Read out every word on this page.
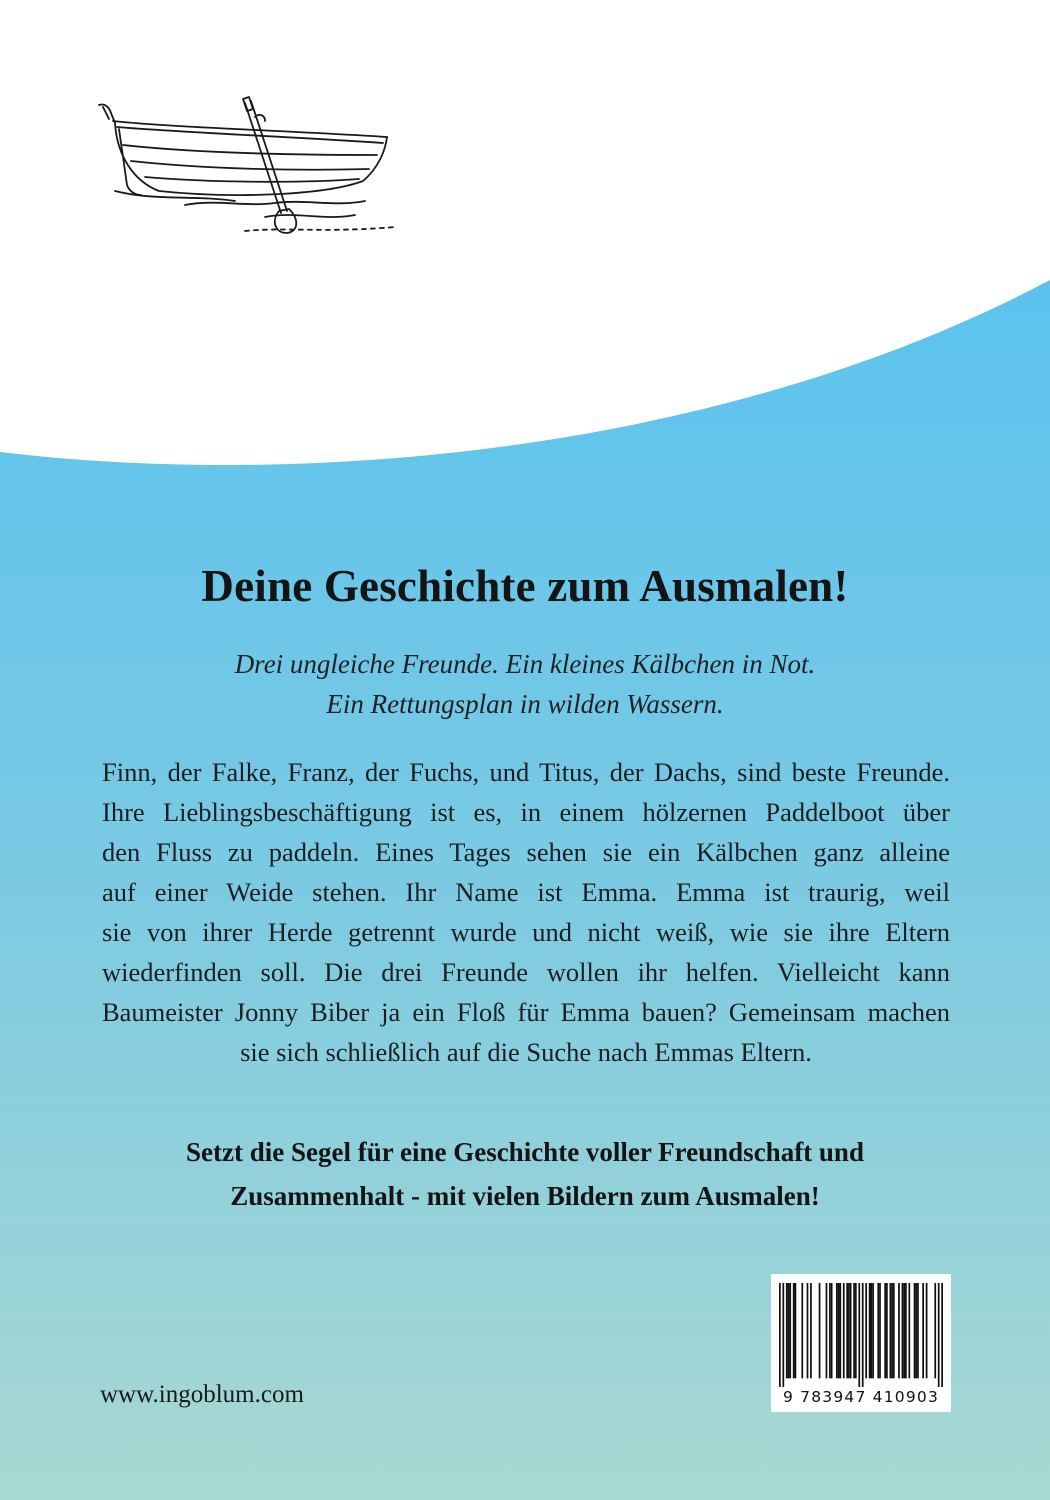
Deine Geschichte zum Ausmalen!
Drei ungleiche Freunde. Ein kleines Kälbchen in Not.
Ein Rettungsplan in wilden Wassern.
Finn, der Falke, Franz, der Fuchs, und Titus, der Dachs, sind beste Freunde.
Ihre Lieblingsbeschäftigung ist es, in einem hölzernen Paddelboot über
den Fluss zu paddeln. Eines Tages sehen sie ein Kälbchen ganz alleine
auf einer Weide stehen. Ihr Name ist Emma. Emma ist traurig, weil
sie von ihrer Herde getrennt wurde und nicht weiß, wie sie ihre Eltern
wiederfinden soll. Die drei Freunde wollen ihr helfen. Vielleicht kann
Baumeister Jonny Biber ja ein Floß für Emma bauen? Gemeinsam machen
sie sich schließlich auf die Suche nach Emmas Eltern.
Setzt die Segel für eine Geschichte voller Freundschaft und
Zusammenhalt - mit vielen Bildern zum Ausmalen!
www.ingoblum.com	9 783947 410903
